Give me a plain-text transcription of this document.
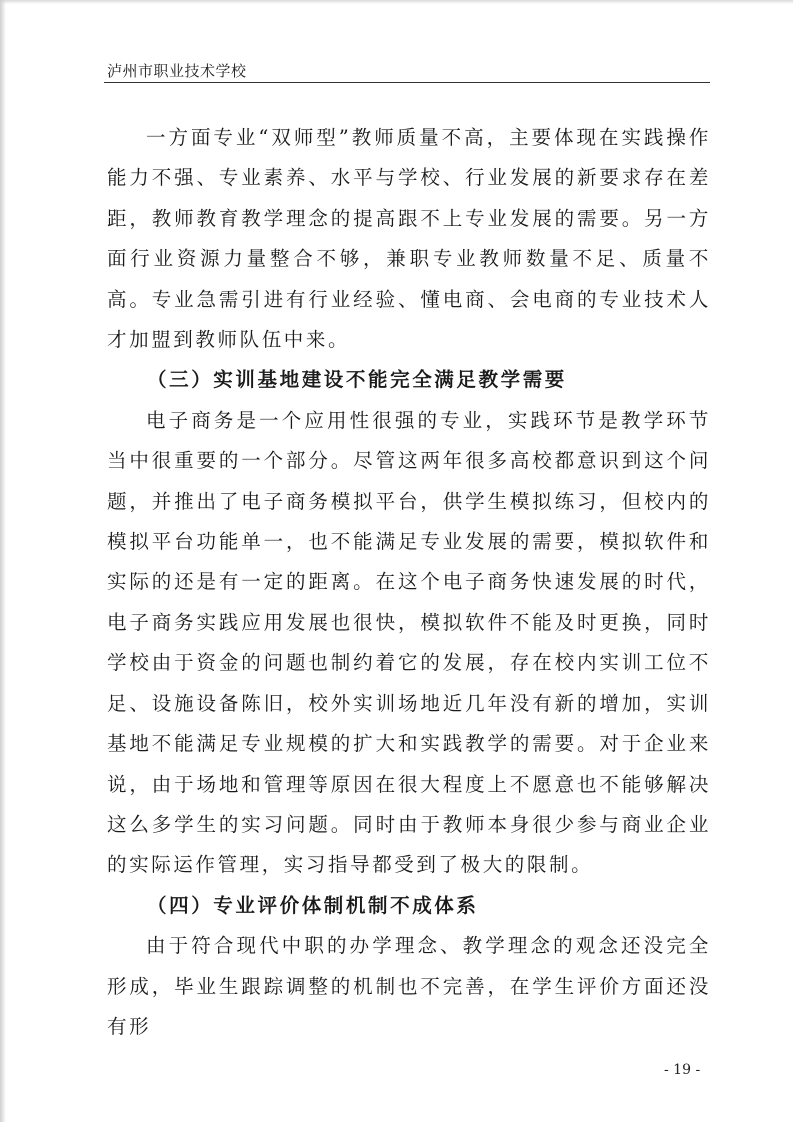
泸州市职业技术学校

一方面专业“双师型”教师质量不高，主要体现在实践操作能力不强、专业素养、水平与学校、行业发展的新要求存在差距，教师教育教学理念的提高跟不上专业发展的需要。另一方面行业资源力量整合不够，兼职专业教师数量不足、质量不高。专业急需引进有行业经验、懂电商、会电商的专业技术人才加盟到教师队伍中来。

（三）实训基地建设不能完全满足教学需要

电子商务是一个应用性很强的专业，实践环节是教学环节当中很重要的一个部分。尽管这两年很多高校都意识到这个问题，并推出了电子商务模拟平台，供学生模拟练习，但校内的模拟平台功能单一，也不能满足专业发展的需要，模拟软件和实际的还是有一定的距离。在这个电子商务快速发展的时代，电子商务实践应用发展也很快，模拟软件不能及时更换，同时学校由于资金的问题也制约着它的发展，存在校内实训工位不足、设施设备陈旧，校外实训场地近几年没有新的增加，实训基地不能满足专业规模的扩大和实践教学的需要。对于企业来说，由于场地和管理等原因在很大程度上不愿意也不能够解决这么多学生的实习问题。同时由于教师本身很少参与商业企业的实际运作管理，实习指导都受到了极大的限制。

（四）专业评价体制机制不成体系

由于符合现代中职的办学理念、教学理念的观念还没完全形成，毕业生跟踪调整的机制也不完善，在学生评价方面还没有形

- 19 -
